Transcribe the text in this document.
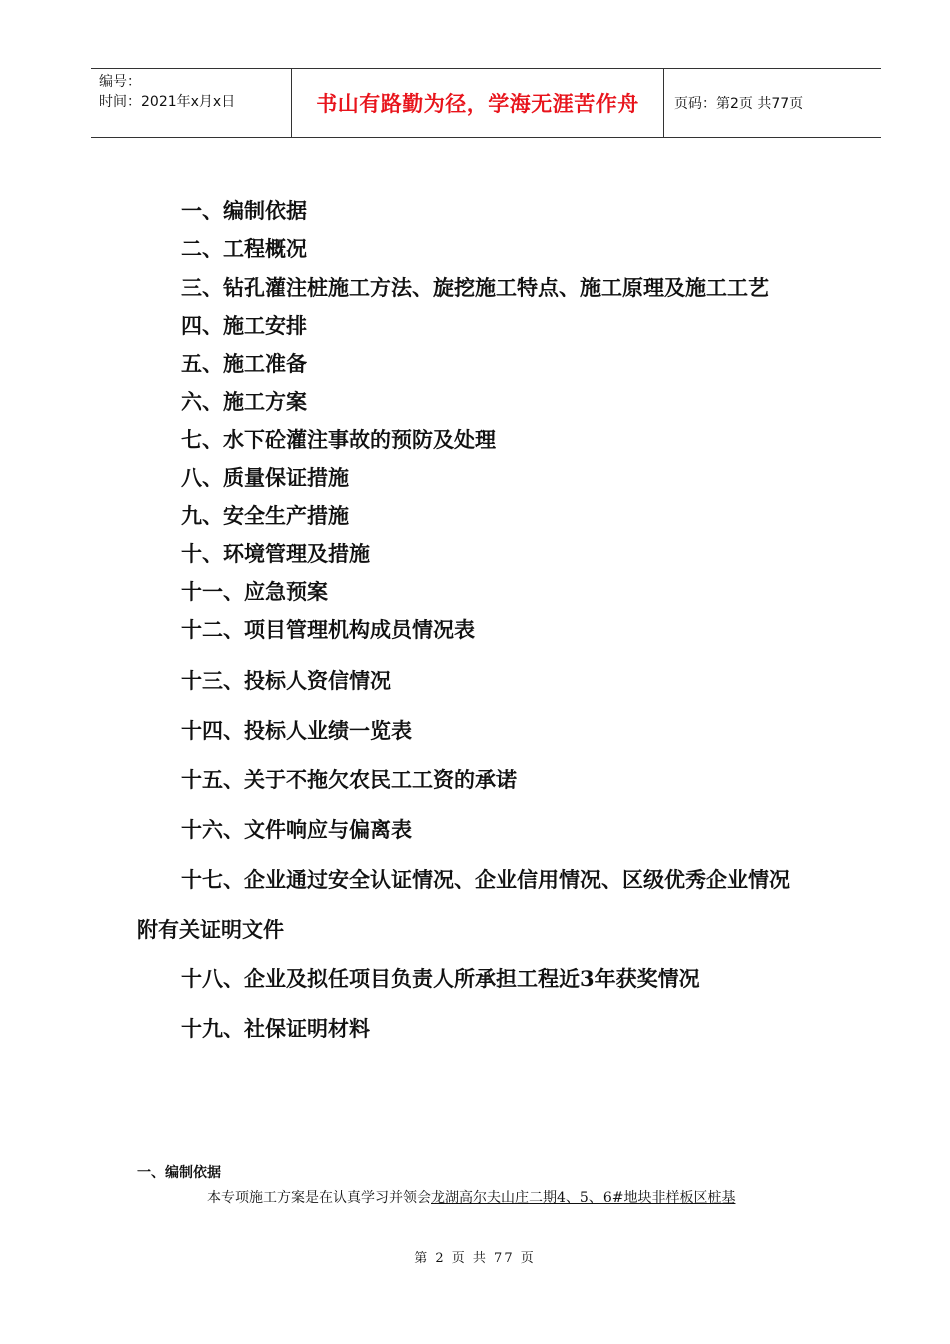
编号：
时间：2021年x月x日	书山有路勤为径，学海无涯苦作舟	页码：第2页 共77页
一、编制依据
二、工程概况
三、钻孔灌注桩施工方法、旋挖施工特点、施工原理及施工工艺
四、施工安排
五、施工准备
六、施工方案
七、水下砼灌注事故的预防及处理
八、质量保证措施
九、安全生产措施
十、环境管理及措施
十一、应急预案
十二、项目管理机构成员情况表
十三、投标人资信情况
十四、投标人业绩一览表
十五、关于不拖欠农民工工资的承诺
十六、文件响应与偏离表
十七、企业通过安全认证情况、企业信用情况、区级优秀企业情况
附有关证明文件
十八、企业及拟任项目负责人所承担工程近3年获奖情况
十九、社保证明材料
一、编制依据
本专项施工方案是在认真学习并领会龙湖高尔夫山庄二期4、5、6#地块非样板区桩基
第 2 页 共 77 页
